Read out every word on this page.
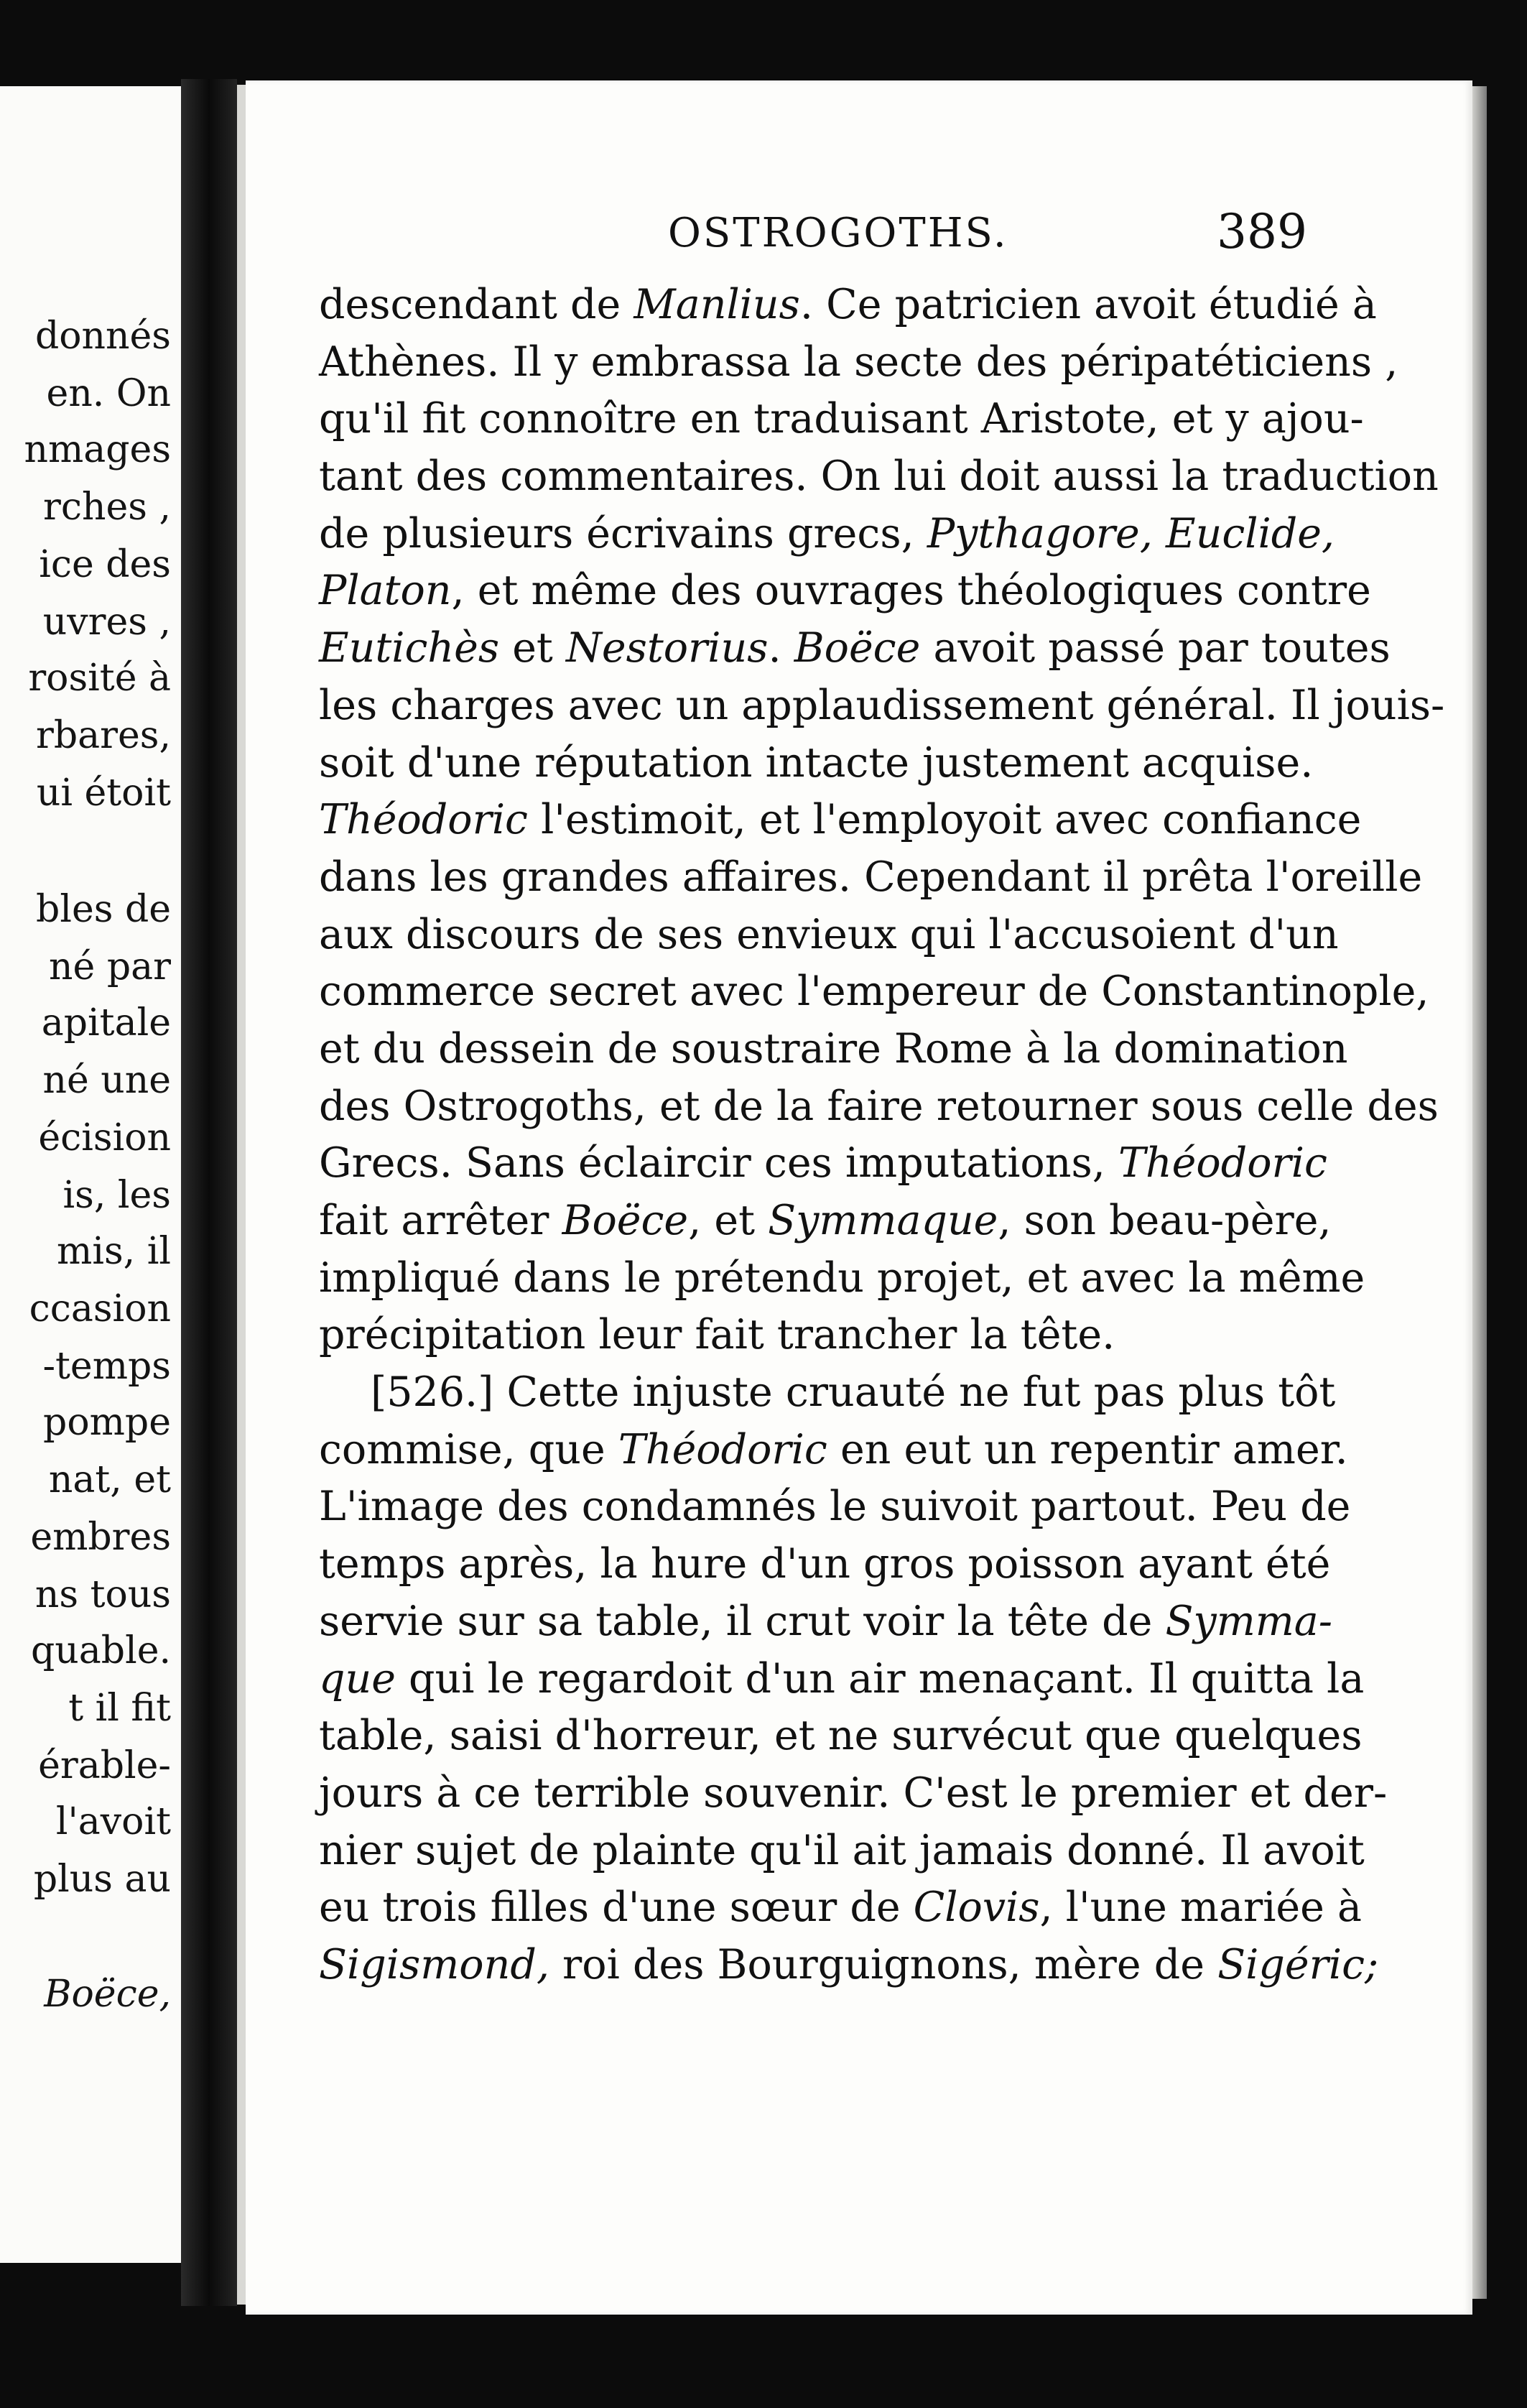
donnés
en. On
nmages
rches ,
ice des
uvres ,
rosité à
rbares,
ui étoit
bles de
né par
apitale
né une
écision
is, les
mis, il
ccasion
-temps
pompe
nat, et
embres
ns tous
quable.
t il fit
érable-
l'avoit
plus au
Boëce,
OSTROGOTHS.	389
descendant de Manlius. Ce patricien avoit étudié à
Athènes. Il y embrassa la secte des péripatéticiens ,
qu'il fit connoître en traduisant Aristote, et y ajou-
tant des commentaires. On lui doit aussi la traduction
de plusieurs écrivains grecs, Pythagore, Euclide,
Platon, et même des ouvrages théologiques contre
Eutichès et Nestorius. Boëce avoit passé par toutes
les charges avec un applaudissement général. Il jouis-
soit d'une réputation intacte justement acquise.
Théodoric l'estimoit, et l'employoit avec confiance
dans les grandes affaires. Cependant il prêta l'oreille
aux discours de ses envieux qui l'accusoient d'un
commerce secret avec l'empereur de Constantinople,
et du dessein de soustraire Rome à la domination
des Ostrogoths, et de la faire retourner sous celle des
Grecs. Sans éclaircir ces imputations, Théodoric
fait arrêter Boëce, et Symmaque, son beau-père,
impliqué dans le prétendu projet, et avec la même
précipitation leur fait trancher la tête.
[526.] Cette injuste cruauté ne fut pas plus tôt
commise, que Théodoric en eut un repentir amer.
L'image des condamnés le suivoit partout. Peu de
temps après, la hure d'un gros poisson ayant été
servie sur sa table, il crut voir la tête de Symma-
que qui le regardoit d'un air menaçant. Il quitta la
table, saisi d'horreur, et ne survécut que quelques
jours à ce terrible souvenir. C'est le premier et der-
nier sujet de plainte qu'il ait jamais donné. Il avoit
eu trois filles d'une sœur de Clovis, l'une mariée à
Sigismond, roi des Bourguignons, mère de Sigéric;
